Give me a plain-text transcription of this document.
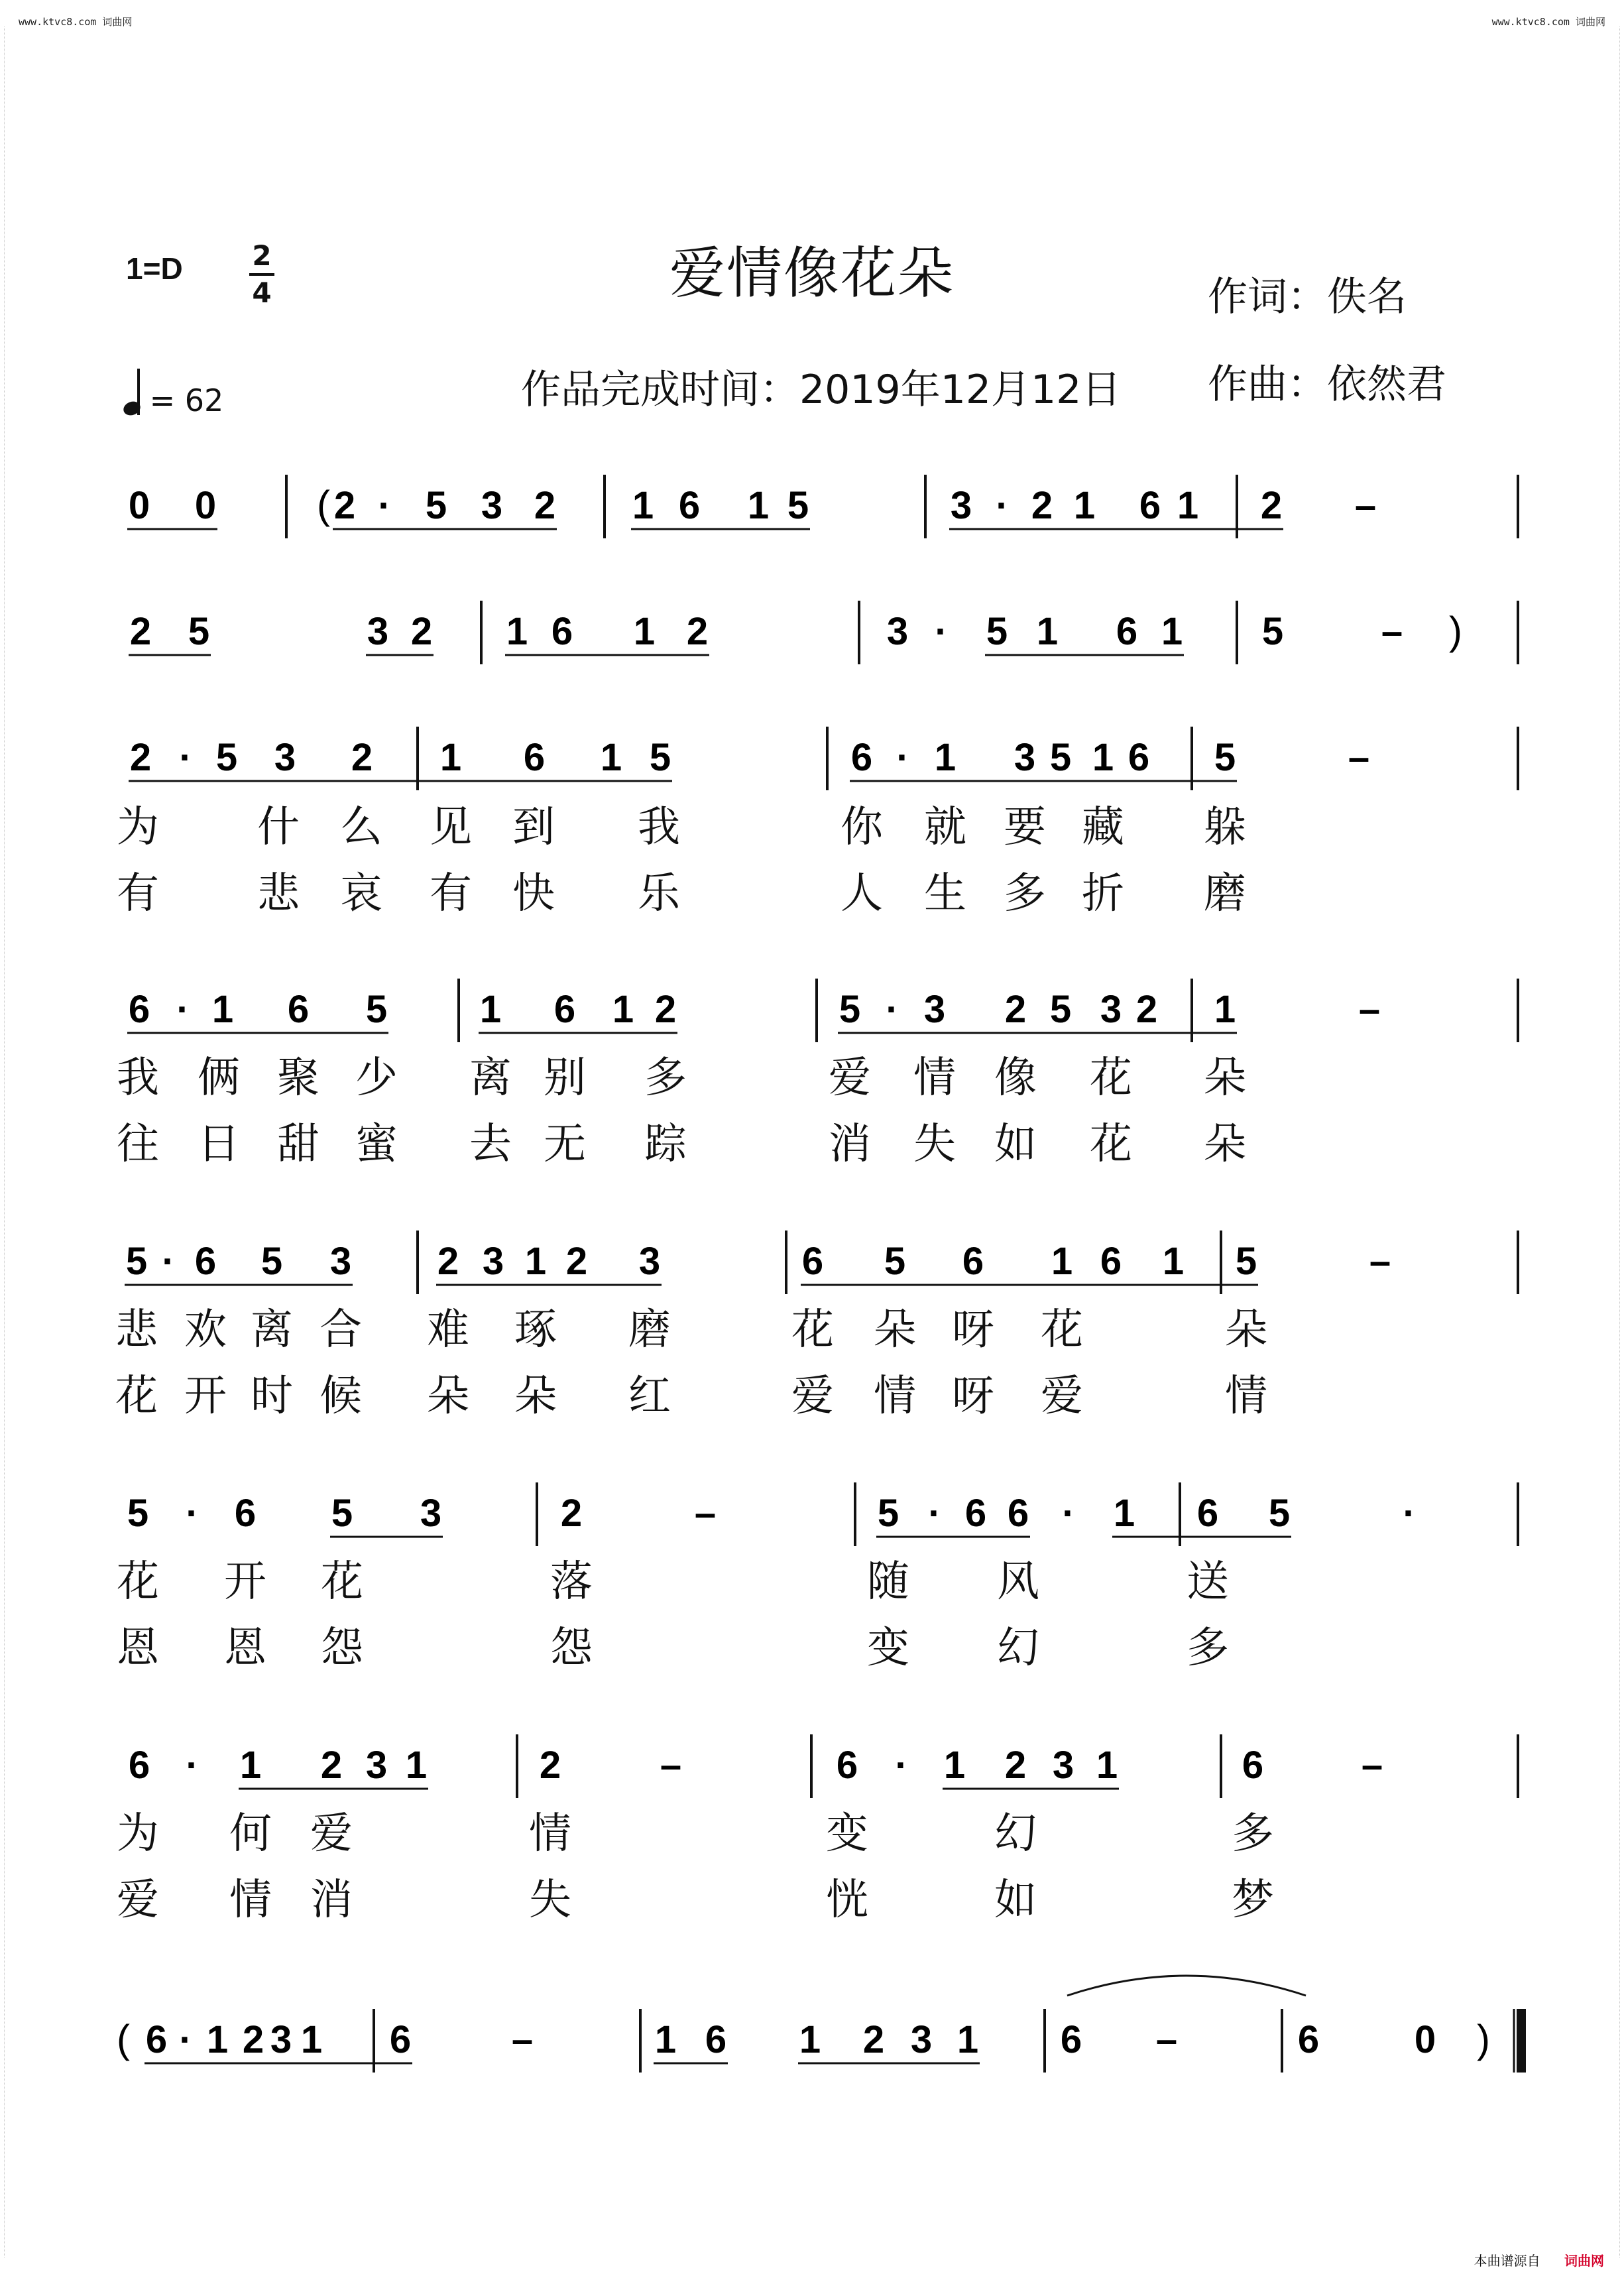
www.ktvc8.com 词曲网	www.ktvc8.com 词曲网
1=D 2
4
= 62
爱情像花朵	作词：佚名
作曲：依然君
作品完成时间：2019年12月12日
0 0	( 2 · 5 3 2 1 6 1 5	3 · 2 1 6 1 2 –
2 5	3 2 1 6 1 2	3 · 5 1 6 1 5	– )
2 · 5 3 2 1 6 1 5	6 · 1 3 5 1 6 5	–
6 · 1 6 5 1 6 1 2	5 · 3 2 5 3 2 1	–
5 · 6 5 3 2 3 1 2 3	6 5 6 1 6 1 5	–
5 · 6 5 3	2	–	5 · 6 6 · 1 6 5	·
6 · 1 2 3 1	2	–	6 · 1 2 3 1	6	–
( 6 · 1 2 3 1 6	–	1 6 1 2 3 1 6 –	6 0 )
为 什 么 见 到 我	你 就 要 藏 躲
有 悲 哀 有 快 乐	人 生 多 折 磨
我 俩 聚 少 离 别 多	爱 情 像 花 朵
往 日 甜 蜜 去 无 踪	消 失 如 花 朵
悲 欢 离 合 难 琢 磨	花 朵 呀 花	朵
花 开 时 候 朵 朵 红	爱 情 呀 爱	情
花 开 花	落	随 风	送
恩 恩 怨	怨	变 幻	多
为 何 爱	情	变	幻	多
爱 情 消	失	恍	如	梦
本曲谱源自 词曲网
